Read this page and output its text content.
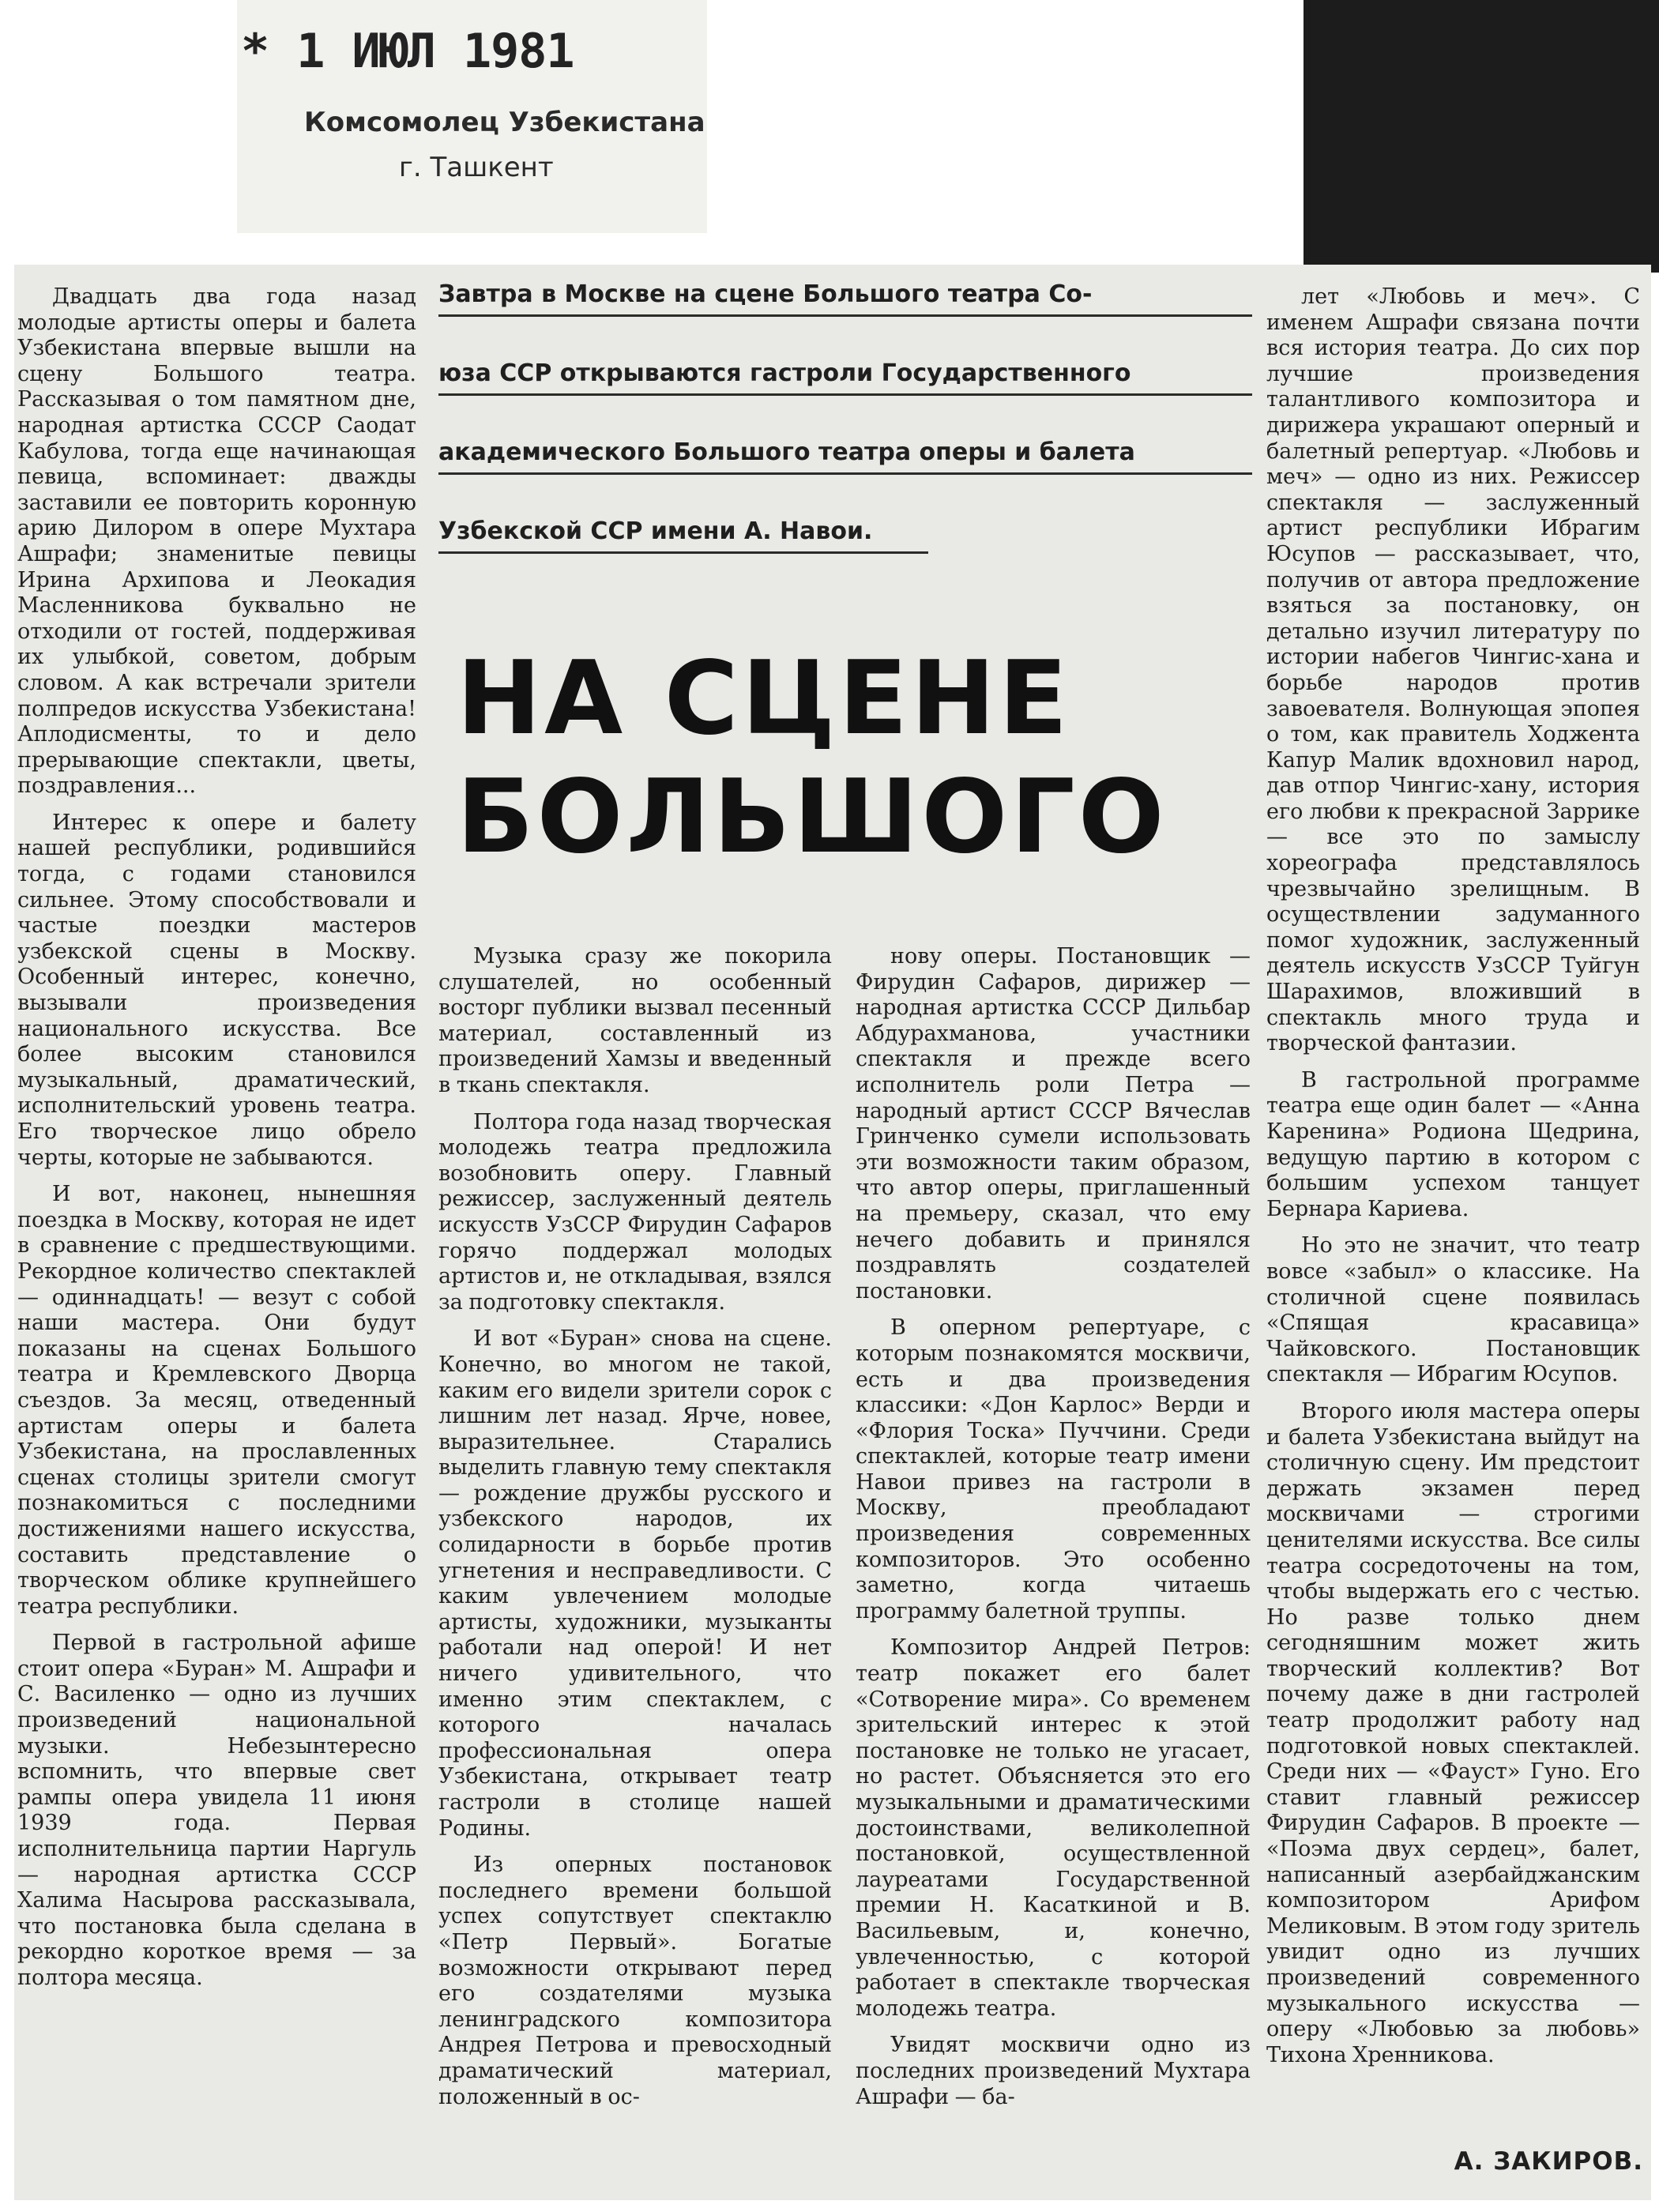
* 1 ИЮЛ 1981
Комсомолец Узбекистана
г. Ташкент

Двадцать два года назад молодые артисты оперы и балета Узбекистана впервые вышли на сцену Большого театра. Рассказывая о том памятном дне, народная артистка СССР Саодат Кабулова, тогда еще начинающая певица, вспоминает: дважды заставили ее повторить коронную арию Дилором в опере Мухтара Ашрафи; знаменитые певицы Ирина Архипова и Леокадия Масленникова буквально не отходили от гостей, поддерживая их улыбкой, советом, добрым словом. А как встречали зрители полпредов искусства Узбекистана! Аплодисменты, то и дело прерывающие спектакли, цветы, поздравления...

Интерес к опере и балету нашей республики, родившийся тогда, с годами становился сильнее. Этому способствовали и частые поездки мастеров узбекской сцены в Москву. Особенный интерес, конечно, вызывали произведения национального искусства. Все более высоким становился музыкальный, драматический, исполнительский уровень театра. Его творческое лицо обрело черты, которые не забываются.

И вот, наконец, нынешняя поездка в Москву, которая не идет в сравнение с предшествующими. Рекордное количество спектаклей — одиннадцать! — везут с собой наши мастера. Они будут показаны на сценах Большого театра и Кремлевского Дворца съездов. За месяц, отведенный артистам оперы и балета Узбекистана, на прославленных сценах столицы зрители смогут познакомиться с последними достижениями нашего искусства, составить представление о творческом облике крупнейшего театра республики.

Первой в гастрольной афише стоит опера «Буран» М. Ашрафи и С. Василенко — одно из лучших произведений национальной музыки. Небезынтересно вспомнить, что впервые свет рампы опера увидела 11 июня 1939 года. Первая исполнительница партии Наргуль — народная артистка СССР Халима Насырова рассказывала, что постановка была сделана в рекордно короткое время — за полтора месяца.

Завтра в Москве на сцене Большого театра Со-
юза ССР открываются гастроли Государственного
академического Большого театра оперы и балета
Узбекской ССР имени А. Навои.
НА СЦЕНЕ
БОЛЬШОГО

Музыка сразу же покорила слушателей, но особенный восторг публики вызвал песенный материал, составленный из произведений Хамзы и введенный в ткань спектакля.

Полтора года назад творческая молодежь театра предложила возобновить оперу. Главный режиссер, заслуженный деятель искусств УзССР Фирудин Сафаров горячо поддержал молодых артистов и, не откладывая, взялся за подготовку спектакля.

И вот «Буран» снова на сцене. Конечно, во многом не такой, каким его видели зрители сорок с лишним лет назад. Ярче, новее, выразительнее. Старались выделить главную тему спектакля — рождение дружбы русского и узбекского народов, их солидарности в борьбе против угнетения и несправедливости. С каким увлечением молодые артисты, художники, музыканты работали над оперой! И нет ничего удивительного, что именно этим спектаклем, с которого началась профессиональная опера Узбекистана, открывает театр гастроли в столице нашей Родины.

Из оперных постановок последнего времени большой успех сопутствует спектаклю «Петр Первый». Богатые возможности открывают перед его создателями музыка ленинградского композитора Андрея Петрова и превосходный драматический материал, положенный в ос-

нову оперы. Постановщик — Фирудин Сафаров, дирижер — народная артистка СССР Дильбар Абдурахманова, участники спектакля и прежде всего исполнитель роли Петра — народный артист СССР Вячеслав Гринченко сумели использовать эти возможности таким образом, что автор оперы, приглашенный на премьеру, сказал, что ему нечего добавить и принялся поздравлять создателей постановки.

В оперном репертуаре, с которым познакомятся москвичи, есть и два произведения классики: «Дон Карлос» Верди и «Флория Тоска» Пуччини. Среди спектаклей, которые театр имени Навои привез на гастроли в Москву, преобладают произведения современных композиторов. Это особенно заметно, когда читаешь программу балетной труппы.

Композитор Андрей Петров: театр покажет его балет «Сотворение мира». Со временем зрительский интерес к этой постановке не только не угасает, но растет. Объясняется это его музыкальными и драматическими достоинствами, великолепной постановкой, осуществленной лауреатами Государственной премии Н. Касаткиной и В. Васильевым, и, конечно, увлеченностью, с которой работает в спектакле творческая молодежь театра.

Увидят москвичи одно из последних произведений Мухтара Ашрафи — ба-

лет «Любовь и меч». С именем Ашрафи связана почти вся история театра. До сих пор лучшие произведения талантливого композитора и дирижера украшают оперный и балетный репертуар. «Любовь и меч» — одно из них. Режиссер спектакля — заслуженный артист республики Ибрагим Юсупов — рассказывает, что, получив от автора предложение взяться за постановку, он детально изучил литературу по истории набегов Чингис-хана и борьбе народов против завоевателя. Волнующая эпопея о том, как правитель Ходжента Капур Малик вдохновил народ, дав отпор Чингис-хану, история его любви к прекрасной Заррике — все это по замыслу хореографа представлялось чрезвычайно зрелищным. В осуществлении задуманного помог художник, заслуженный деятель искусств УзССР Туйгун Шарахимов, вложивший в спектакль много труда и творческой фантазии.

В гастрольной программе театра еще один балет — «Анна Каренина» Родиона Щедрина, ведущую партию в котором с большим успехом танцует Бернара Кариева.

Но это не значит, что театр вовсе «забыл» о классике. На столичной сцене появилась «Спящая красавица» Чайковского. Постановщик спектакля — Ибрагим Юсупов.

Второго июля мастера оперы и балета Узбекистана выйдут на столичную сцену. Им предстоит держать экзамен перед москвичами — строгими ценителями искусства. Все силы театра сосредоточены на том, чтобы выдержать его с честью. Но разве только днем сегодняшним может жить творческий коллектив? Вот почему даже в дни гастролей театр продолжит работу над подготовкой новых спектаклей. Среди них — «Фауст» Гуно. Его ставит главный режиссер Фирудин Сафаров. В проекте — «Поэма двух сердец», балет, написанный азербайджанским композитором Арифом Меликовым. В этом году зритель увидит одно из лучших произведений современного музыкального искусства — оперу «Любовью за любовь» Тихона Хренникова.

А. ЗАКИРОВ.
